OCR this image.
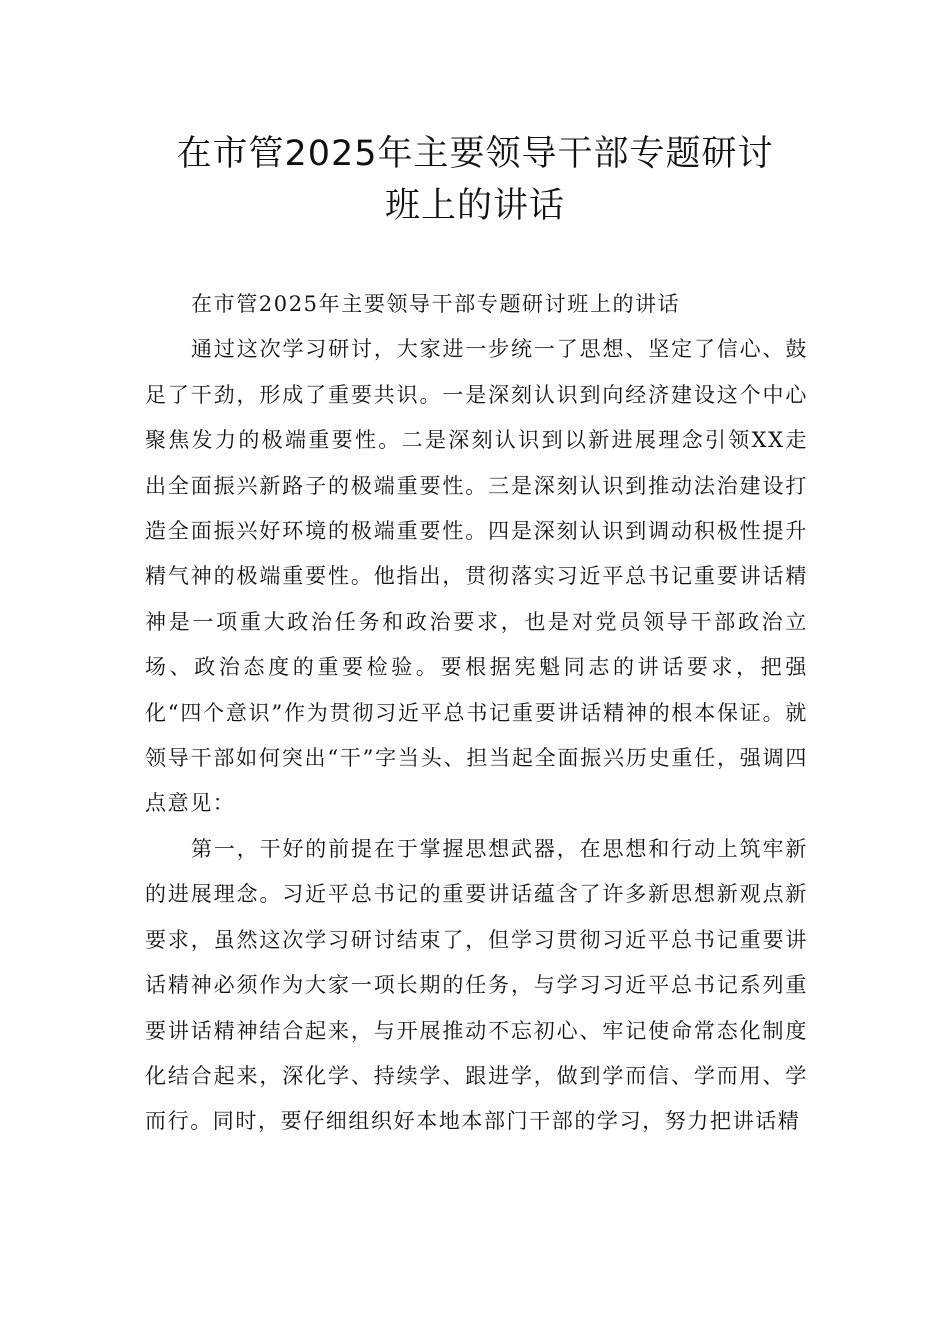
在市管2025年主要领导干部专题研讨
班上的讲话

在市管2025年主要领导干部专题研讨班上的讲话

通过这次学习研讨，大家进一步统一了思想、坚定了信心、鼓足了干劲，形成了重要共识。一是深刻认识到向经济建设这个中心聚焦发力的极端重要性。二是深刻认识到以新进展理念引领XX走出全面振兴新路子的极端重要性。三是深刻认识到推动法治建设打造全面振兴好环境的极端重要性。四是深刻认识到调动积极性提升精气神的极端重要性。他指出，贯彻落实习近平总书记重要讲话精神是一项重大政治任务和政治要求，也是对党员领导干部政治立场、政治态度的重要检验。要根据宪魁同志的讲话要求，把强化“四个意识”作为贯彻习近平总书记重要讲话精神的根本保证。就领导干部如何突出“干”字当头、担当起全面振兴历史重任，强调四点意见：

第一，干好的前提在于掌握思想武器，在思想和行动上筑牢新的进展理念。习近平总书记的重要讲话蕴含了许多新思想新观点新要求，虽然这次学习研讨结束了，但学习贯彻习近平总书记重要讲话精神必须作为大家一项长期的任务，与学习习近平总书记系列重要讲话精神结合起来，与开展推动不忘初心、牢记使命常态化制度化结合起来，深化学、持续学、跟进学，做到学而信、学而用、学而行。同时，要仔细组织好本地本部门干部的学习，努力把讲话精
